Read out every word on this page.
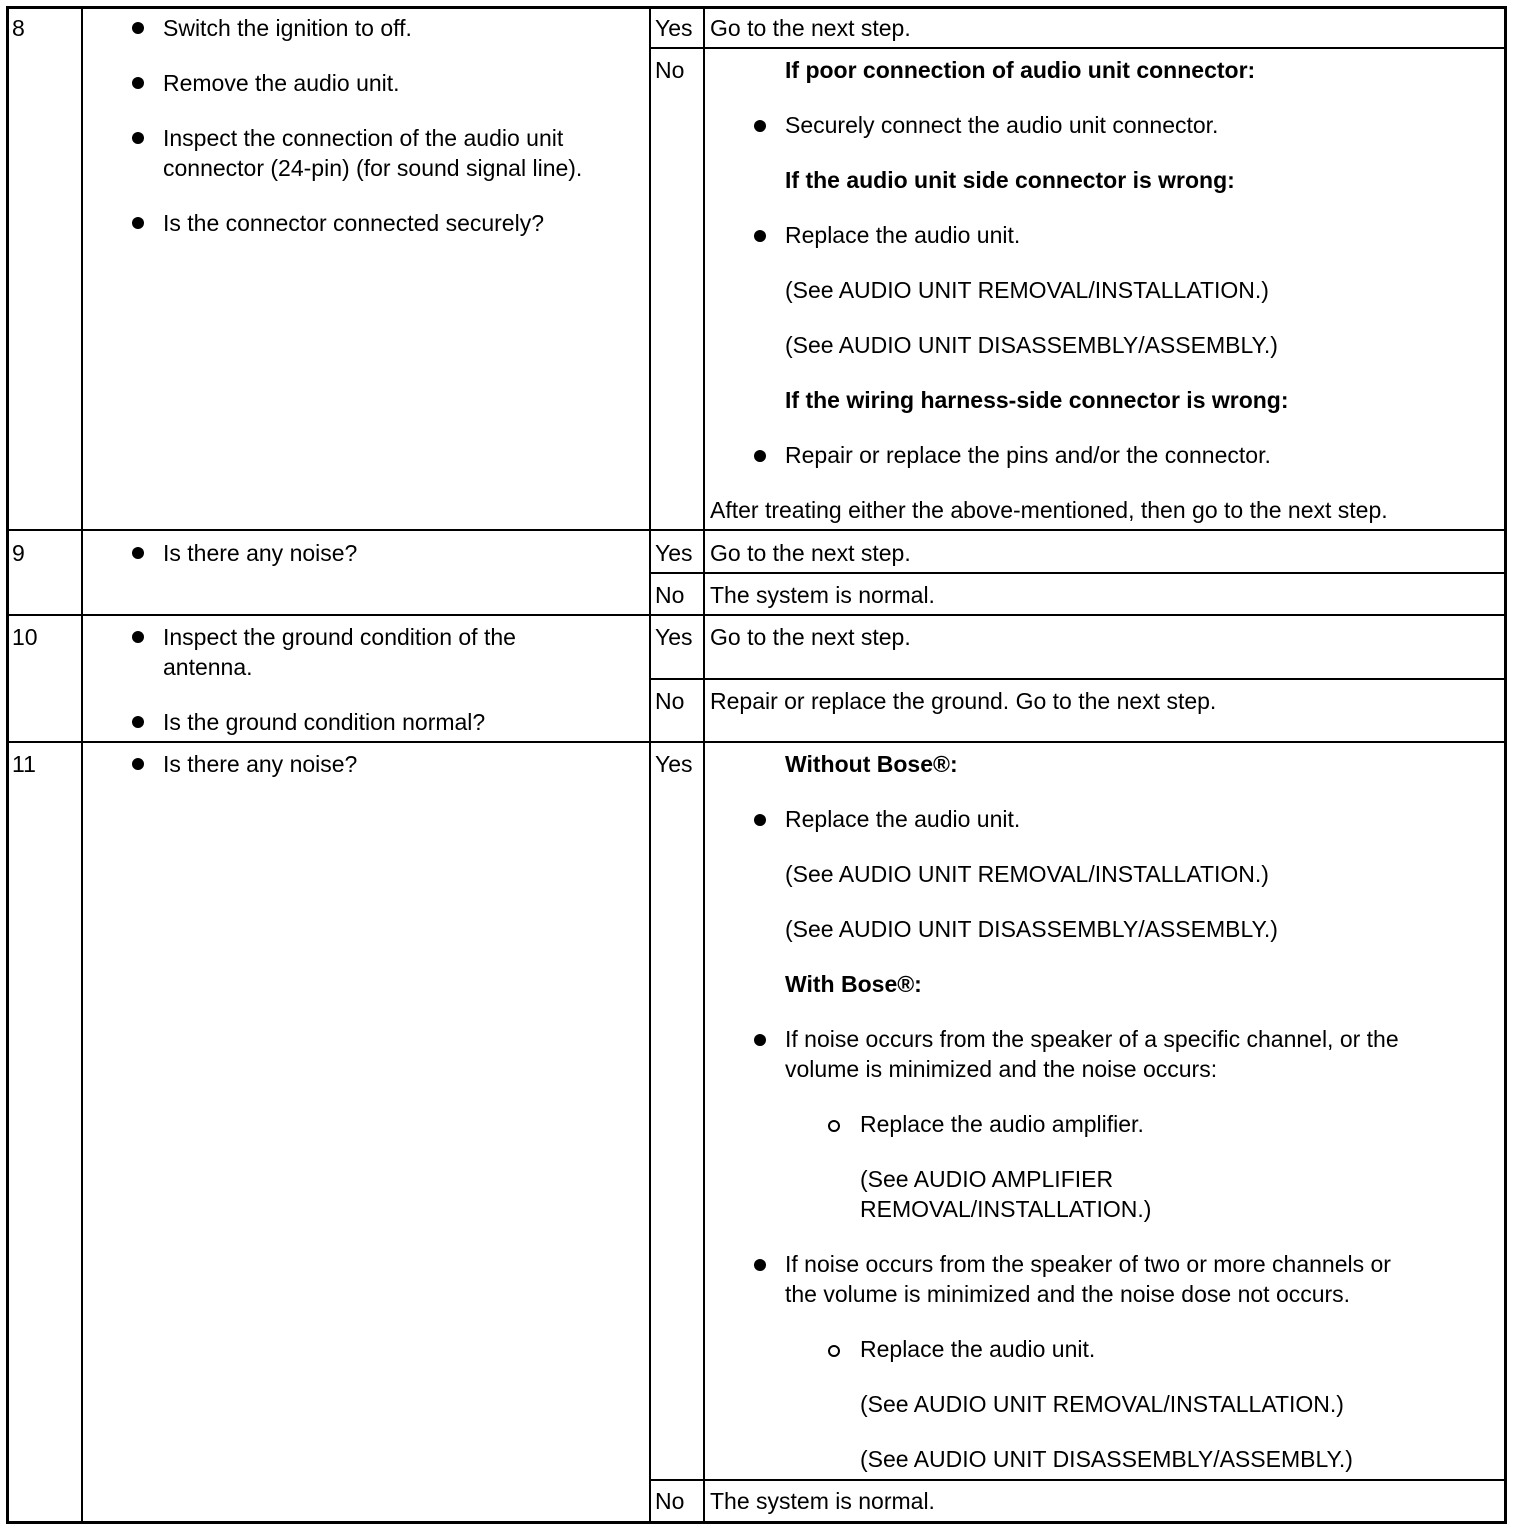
8	Switch the ignition to off.
Remove the audio unit.
Inspect the connection of the audio unit
connector (24-pin) (for sound signal line).
Is the connector connected securely?
Yes Go to the next step.
No	If poor connection of audio unit connector:
Securely connect the audio unit connector.
If the audio unit side connector is wrong:
Replace the audio unit.
(See AUDIO UNIT REMOVAL/INSTALLATION.)
(See AUDIO UNIT DISASSEMBLY/ASSEMBLY.)
If the wiring harness-side connector is wrong:
Repair or replace the pins and/or the connector.
After treating either the above-mentioned, then go to the next step.
9	Is there any noise?	Yes Go to the next step.
No The system is normal.
10	Inspect the ground condition of the
antenna.
Is the ground condition normal?
Yes Go to the next step.
No Repair or replace the ground. Go to the next step.
11	Is there any noise?	Yes	Without Bose®:
Replace the audio unit.
(See AUDIO UNIT REMOVAL/INSTALLATION.)
(See AUDIO UNIT DISASSEMBLY/ASSEMBLY.)
With Bose®:
If noise occurs from the speaker of a specific channel, or the
volume is minimized and the noise occurs:
Replace the audio amplifier.
(See AUDIO AMPLIFIER
REMOVAL/INSTALLATION.)
If noise occurs from the speaker of two or more channels or
the volume is minimized and the noise dose not occurs.
Replace the audio unit.
(See AUDIO UNIT REMOVAL/INSTALLATION.)
(See AUDIO UNIT DISASSEMBLY/ASSEMBLY.)
No The system is normal.
